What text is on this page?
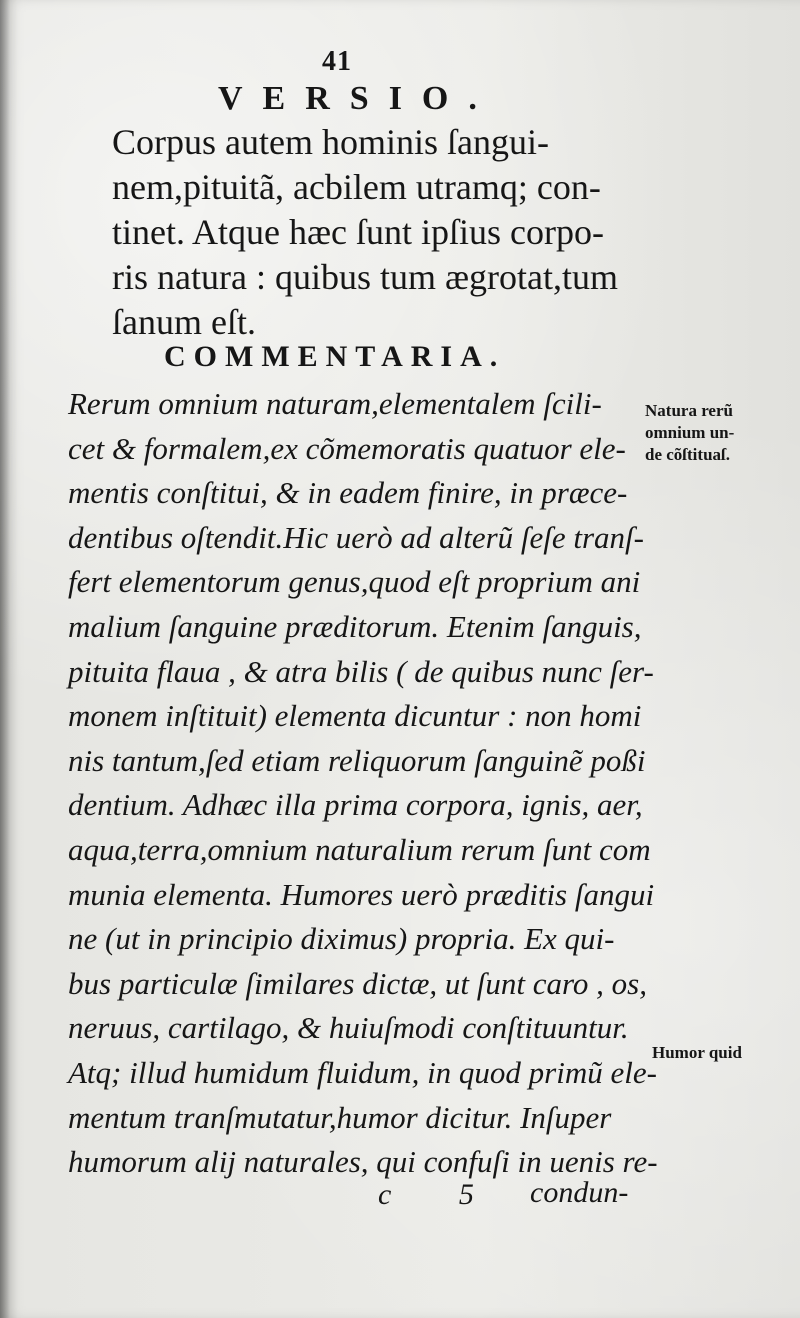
41
VERSIO.

Corpus autem hominis ſangui-
nem,pituitã, acbilem utramq; con-
tinet. Atque hæc ſunt ipſius corpo-
ris natura : quibus tum ægrotat,tum
ſanum eſt.

COMMENTARIA.

Rerum omnium naturam,elementalem ſcili-
cet & formalem,ex cõmemoratis quatuor ele-
mentis conſtitui, & in eadem finire, in præce-
dentibus oſtendit.Hic uerò ad alterũ ſeſe tranſ-
fert elementorum genus,quod eſt proprium ani
malium ſanguine præditorum. Etenim ſanguis,
pituita flaua , & atra bilis ( de quibus nunc ſer-
monem inſtituit) elementa dicuntur : non homi
nis tantum,ſed etiam reliquorum ſanguinẽ poßi
dentium. Adhæc illa prima corpora, ignis, aer,
aqua,terra,omnium naturalium rerum ſunt com
munia elementa. Humores uerò præditis ſangui
ne (ut in principio diximus) propria. Ex qui-
bus particulæ ſimilares dictæ, ut ſunt caro , os,
neruus, cartilago, & huiuſmodi conſtituuntur.
Atq; illud humidum fluidum, in quod primũ ele-
mentum tranſmutatur,humor dicitur. Inſuper
humorum alij naturales, qui confuſi in uenis re-

Natura rerũ
omnium un-
de cõſtituaſ.
Humor quid
c 5 condun-
